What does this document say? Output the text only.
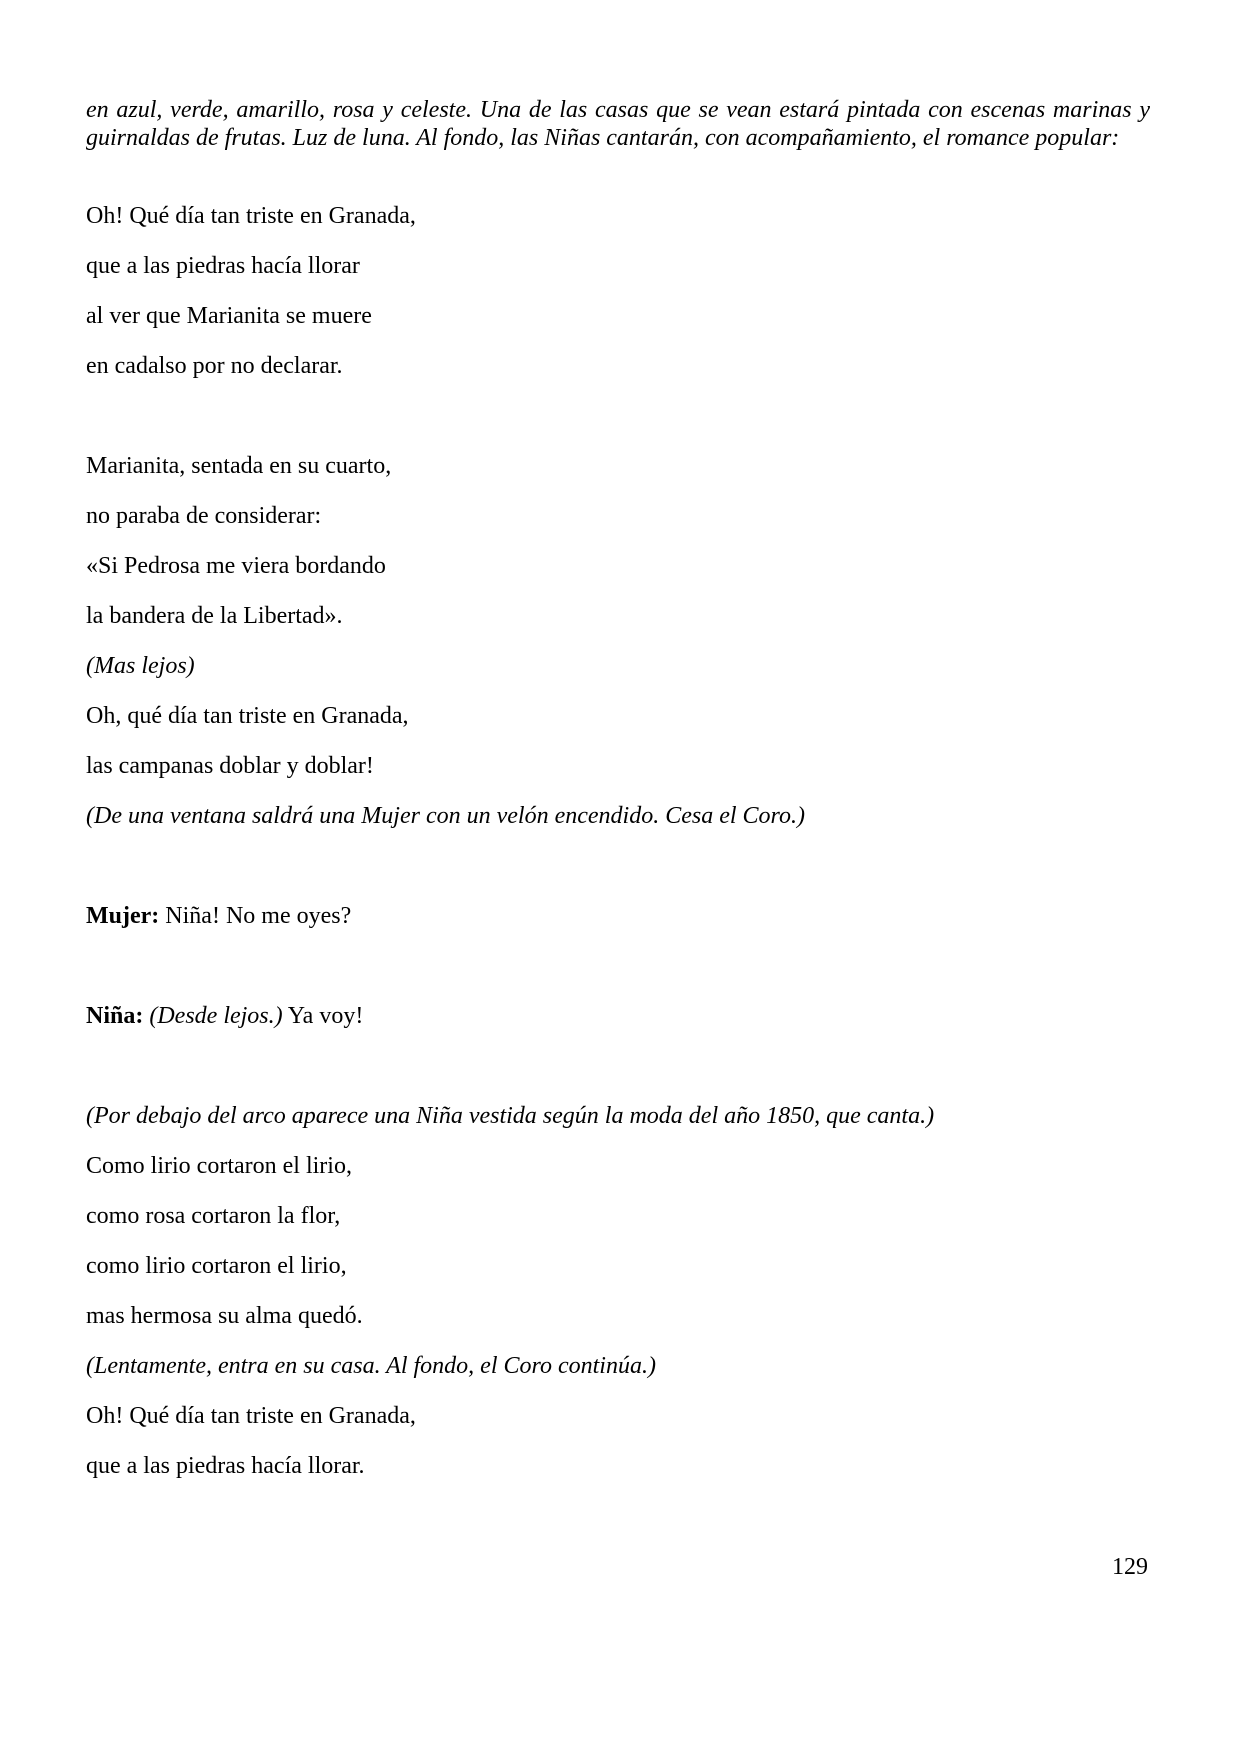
en azul, verde, amarillo, rosa y celeste. Una de las casas que se vean estará pintada con escenas marinas y guirnaldas de frutas. Luz de luna. Al fondo, las Niñas cantarán, con acompañamiento, el romance popular:

Oh! Qué día tan triste en Granada,

que a las piedras hacía llorar

al ver que Marianita se muere

en cadalso por no declarar.

Marianita, sentada en su cuarto,

no paraba de considerar:

«Si Pedrosa me viera bordando

la bandera de la Libertad».

(Mas lejos)

Oh, qué día tan triste en Granada,

las campanas doblar y doblar!

(De una ventana saldrá una Mujer con un velón encendido. Cesa el Coro.)

Mujer: Niña! No me oyes?

Niña: (Desde lejos.) Ya voy!

(Por debajo del arco aparece una Niña vestida según la moda del año 1850, que canta.)

Como lirio cortaron el lirio,

como rosa cortaron la flor,

como lirio cortaron el lirio,

mas hermosa su alma quedó.

(Lentamente, entra en su casa. Al fondo, el Coro continúa.)

Oh! Qué día tan triste en Granada,

que a las piedras hacía llorar.

129
